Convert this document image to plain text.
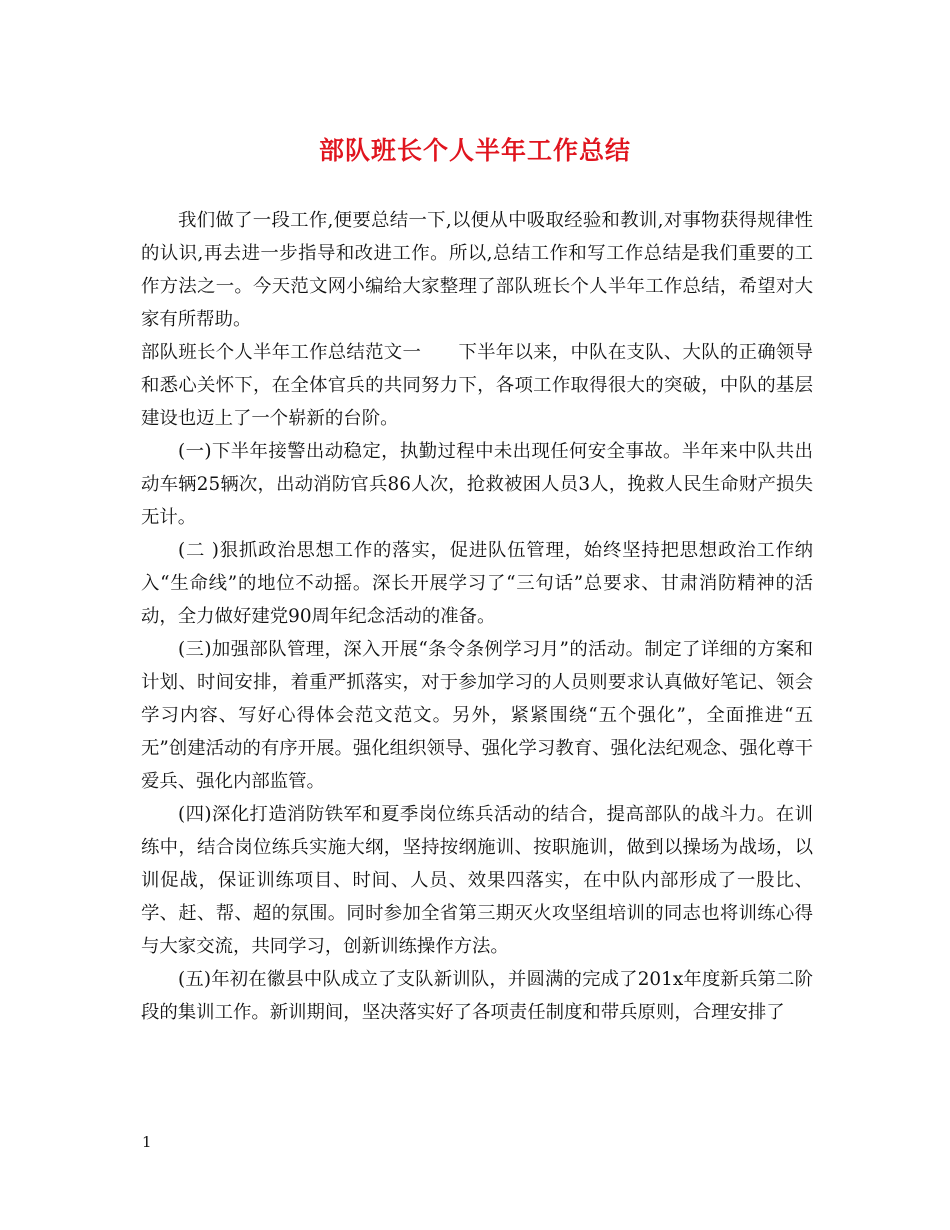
部队班长个人半年工作总结

我们做了一段工作,便要总结一下,以便从中吸取经验和教训,对事物获得规律性的认识,再去进一步指导和改进工作。所以,总结工作和写工作总结是我们重要的工作方法之一。今天范文网小编给大家整理了部队班长个人半年工作总结，希望对大家有所帮助。

部队班长个人半年工作总结范文一　　下半年以来，中队在支队、大队的正确领导和悉心关怀下，在全体官兵的共同努力下，各项工作取得很大的突破，中队的基层建设也迈上了一个崭新的台阶。

(一)下半年接警出动稳定，执勤过程中未出现任何安全事故。半年来中队共出动车辆25辆次，出动消防官兵86人次，抢救被困人员3人，挽救人民生命财产损失无计。

(二 )狠抓政治思想工作的落实，促进队伍管理，始终坚持把思想政治工作纳入“生命线”的地位不动摇。深长开展学习了“三句话”总要求、甘肃消防精神的活动，全力做好建党90周年纪念活动的准备。

(三)加强部队管理，深入开展“条令条例学习月”的活动。制定了详细的方案和计划、时间安排，着重严抓落实，对于参加学习的人员则要求认真做好笔记、领会学习内容、写好心得体会范文范文。另外，紧紧围绕“五个强化”，全面推进“五无”创建活动的有序开展。强化组织领导、强化学习教育、强化法纪观念、强化尊干爱兵、强化内部监管。

(四)深化打造消防铁军和夏季岗位练兵活动的结合，提高部队的战斗力。在训练中，结合岗位练兵实施大纲，坚持按纲施训、按职施训，做到以操场为战场，以训促战，保证训练项目、时间、人员、效果四落实，在中队内部形成了一股比、学、赶、帮、超的氛围。同时参加全省第三期灭火攻坚组培训的同志也将训练心得与大家交流，共同学习，创新训练操作方法。

(五)年初在徽县中队成立了支队新训队，并圆满的完成了201x年度新兵第二阶段的集训工作。新训期间，坚决落实好了各项责任制度和带兵原则，合理安排了

1
